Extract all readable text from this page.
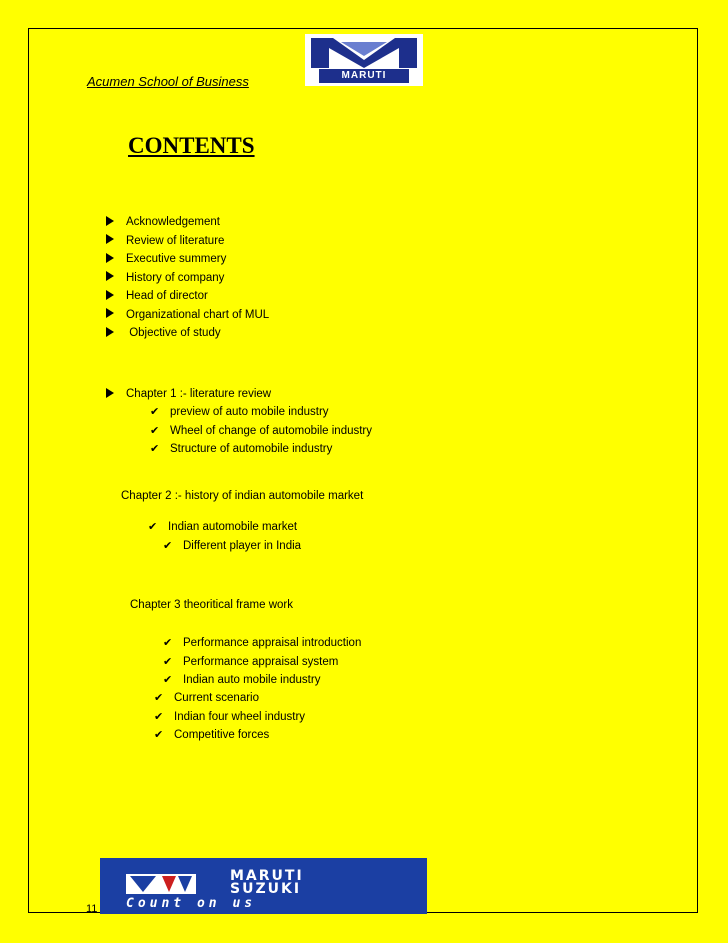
Acumen School of Business	MARUTI
CONTENTS
Acknowledgement
Review of literature
Executive summery
History of company
Head of director
Organizational chart of MUL
Objective of study
Chapter 1 :- literature review
✔ preview of auto mobile industry
✔ Wheel of change of automobile industry
✔ Structure of automobile industry
Chapter 2 :- history of indian automobile market
✔ Indian automobile market
✔ Different player in India
Chapter 3 theoritical frame work
✔ Performance appraisal introduction
✔ Performance appraisal system
✔ Indian auto mobile industry
✔ Current scenario
✔ Indian four wheel industry
✔ Competitive forces
MARUTI
SUZUKI
Count on us
11
